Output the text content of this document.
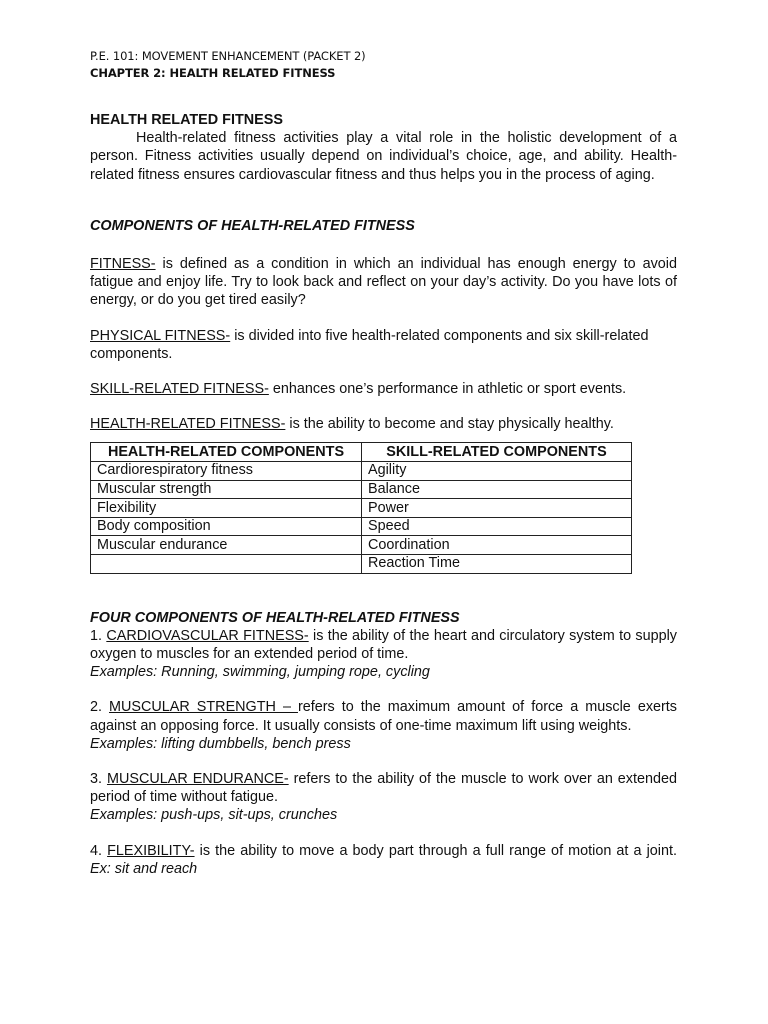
P.E. 101: MOVEMENT ENHANCEMENT (PACKET 2)
CHAPTER 2: HEALTH RELATED FITNESS

HEALTH RELATED FITNESS

Health-related fitness activities play a vital role in the holistic development of a person. Fitness activities usually depend on individual’s choice, age, and ability. Health-related fitness ensures cardiovascular fitness and thus helps you in the process of aging.

COMPONENTS OF HEALTH-RELATED FITNESS

FITNESS- is defined as a condition in which an individual has enough energy to avoid fatigue and enjoy life. Try to look back and reflect on your day’s activity. Do you have lots of energy, or do you get tired easily?

PHYSICAL FITNESS- is divided into five health-related components and six skill-related components.

SKILL-RELATED FITNESS- enhances one’s performance in athletic or sport events.

HEALTH-RELATED FITNESS- is the ability to become and stay physically healthy.

HEALTH-RELATED COMPONENTS	SKILL-RELATED COMPONENTS
Cardiorespiratory fitness	Agility
Muscular strength	Balance
Flexibility	Power
Body composition	Speed
Muscular endurance	Coordination
	Reaction Time

FOUR COMPONENTS OF HEALTH-RELATED FITNESS

1. CARDIOVASCULAR FITNESS- is the ability of the heart and circulatory system to supply oxygen to muscles for an extended period of time.

Examples: Running, swimming, jumping rope, cycling

2. MUSCULAR STRENGTH – refers to the maximum amount of force a muscle exerts against an opposing force. It usually consists of one-time maximum lift using weights.

Examples: lifting dumbbells, bench press

3. MUSCULAR ENDURANCE- refers to the ability of the muscle to work over an extended period of time without fatigue.

Examples: push-ups, sit-ups, crunches

4. FLEXIBILITY- is the ability to move a body part through a full range of motion at a joint. Ex: sit and reach
